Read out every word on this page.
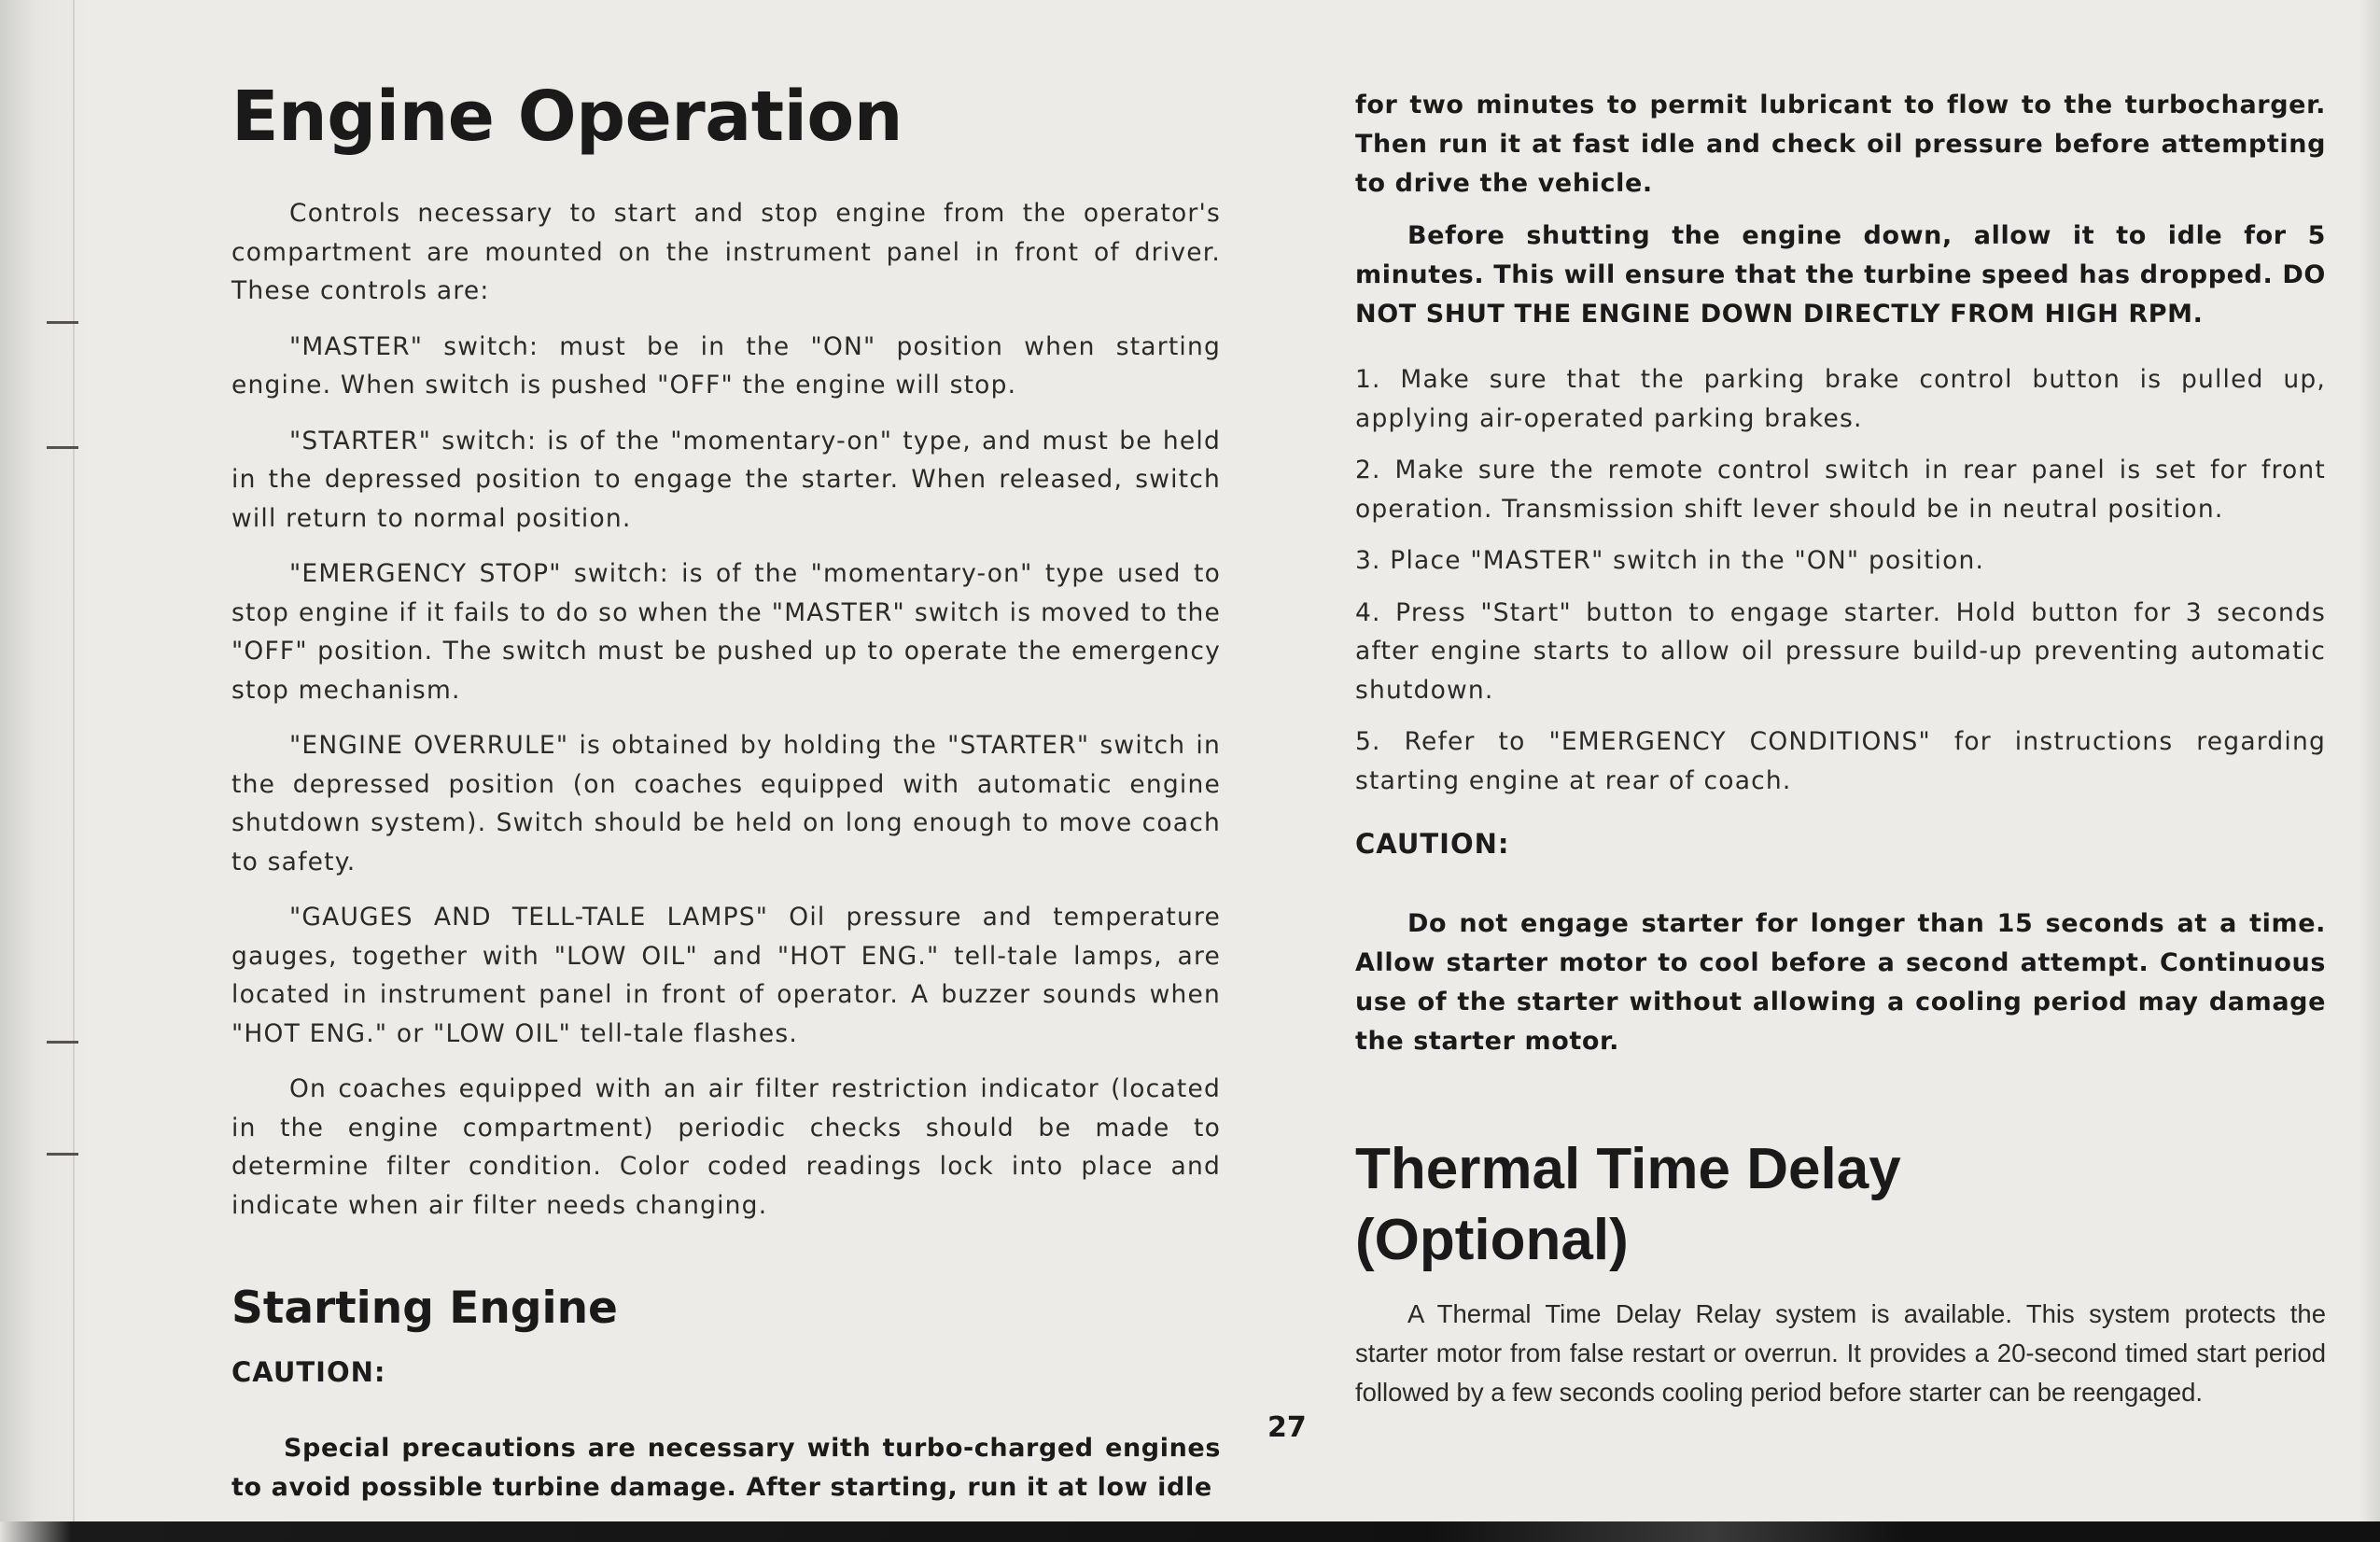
Engine Operation

Controls necessary to start and stop engine from the operator's compartment are mounted on the instrument panel in front of driver. These controls are:

"MASTER" switch: must be in the "ON" position when starting engine. When switch is pushed "OFF" the engine will stop.

"STARTER" switch: is of the "momentary-on" type, and must be held in the depressed position to engage the starter. When released, switch will return to normal position.

"EMERGENCY STOP" switch: is of the "momentary-on" type used to stop engine if it fails to do so when the "MASTER" switch is moved to the "OFF" position. The switch must be pushed up to operate the emergency stop mechanism.

"ENGINE OVERRULE" is obtained by holding the "STARTER" switch in the depressed position (on coaches equipped with automatic engine shutdown system). Switch should be held on long enough to move coach to safety.

"GAUGES AND TELL-TALE LAMPS" Oil pressure and temperature gauges, together with "LOW OIL" and "HOT ENG." tell-tale lamps, are located in instrument panel in front of operator. A buzzer sounds when "HOT ENG." or "LOW OIL" tell-tale flashes.

On coaches equipped with an air filter restriction indicator (located in the engine compartment) periodic checks should be made to determine filter condition. Color coded readings lock into place and indicate when air filter needs changing.

Starting Engine

CAUTION:

Special precautions are necessary with turbo-charged engines to avoid possible turbine damage. After starting, run it at low idle

27

for two minutes to permit lubricant to flow to the turbocharger. Then run it at fast idle and check oil pressure before attempting to drive the vehicle.

Before shutting the engine down, allow it to idle for 5 minutes. This will ensure that the turbine speed has dropped. DO NOT SHUT THE ENGINE DOWN DIRECTLY FROM HIGH RPM.

1. Make sure that the parking brake control button is pulled up, applying air-operated parking brakes.

2. Make sure the remote control switch in rear panel is set for front operation. Transmission shift lever should be in neutral position.

3. Place "MASTER" switch in the "ON" position.

4. Press "Start" button to engage starter. Hold button for 3 seconds after engine starts to allow oil pressure build-up preventing automatic shutdown.

5. Refer to "EMERGENCY CONDITIONS" for instructions regarding starting engine at rear of coach.

CAUTION:

Do not engage starter for longer than 15 seconds at a time. Allow starter motor to cool before a second attempt. Continuous use of the starter without allowing a cooling period may damage the starter motor.

Thermal Time Delay
(Optional)

A Thermal Time Delay Relay system is available. This system protects the starter motor from false restart or overrun. It provides a 20-second timed start period followed by a few seconds cooling period before starter can be reengaged.
